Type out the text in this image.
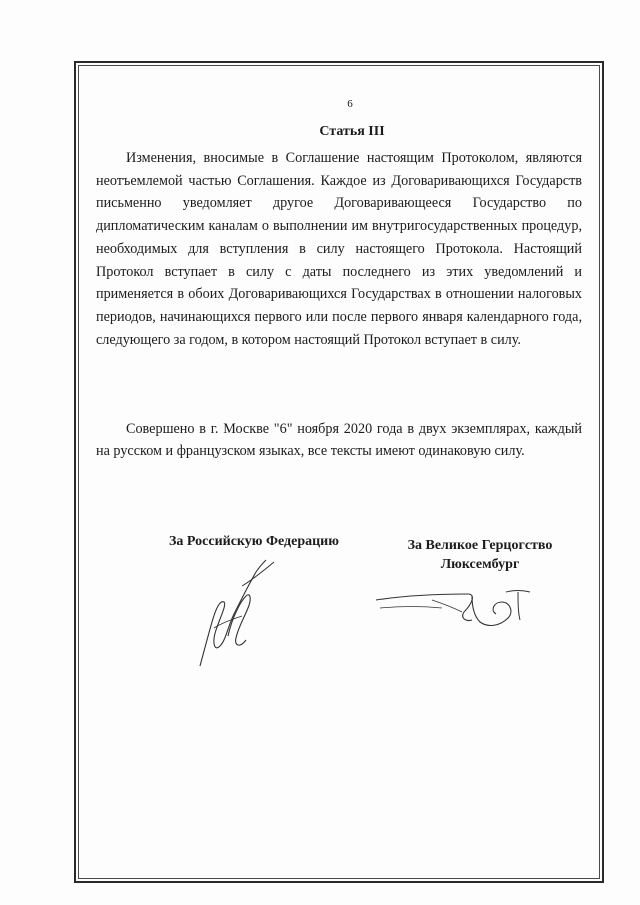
6
Статья III

Изменения, вносимые в Соглашение настоящим Протоколом, являются неотъемлемой частью Соглашения. Каждое из Договаривающихся Государств письменно уведомляет другое Договаривающееся Государство по дипломатическим каналам о выполнении им внутригосударственных процедур, необходимых для вступления в силу настоящего Протокола. Настоящий Протокол вступает в силу с даты последнего из этих уведомлений и применяется в обоих Договаривающихся Государствах в отношении налоговых периодов, начинающихся первого или после первого января календарного года, следующего за годом, в котором настоящий Протокол вступает в силу.

Совершено в г. Москве "6" ноября 2020 года в двух экземплярах, каждый на русском и французском языках, все тексты имеют одинаковую силу.

За Российскую Федерацию	За Великое Герцогство Люксембург
